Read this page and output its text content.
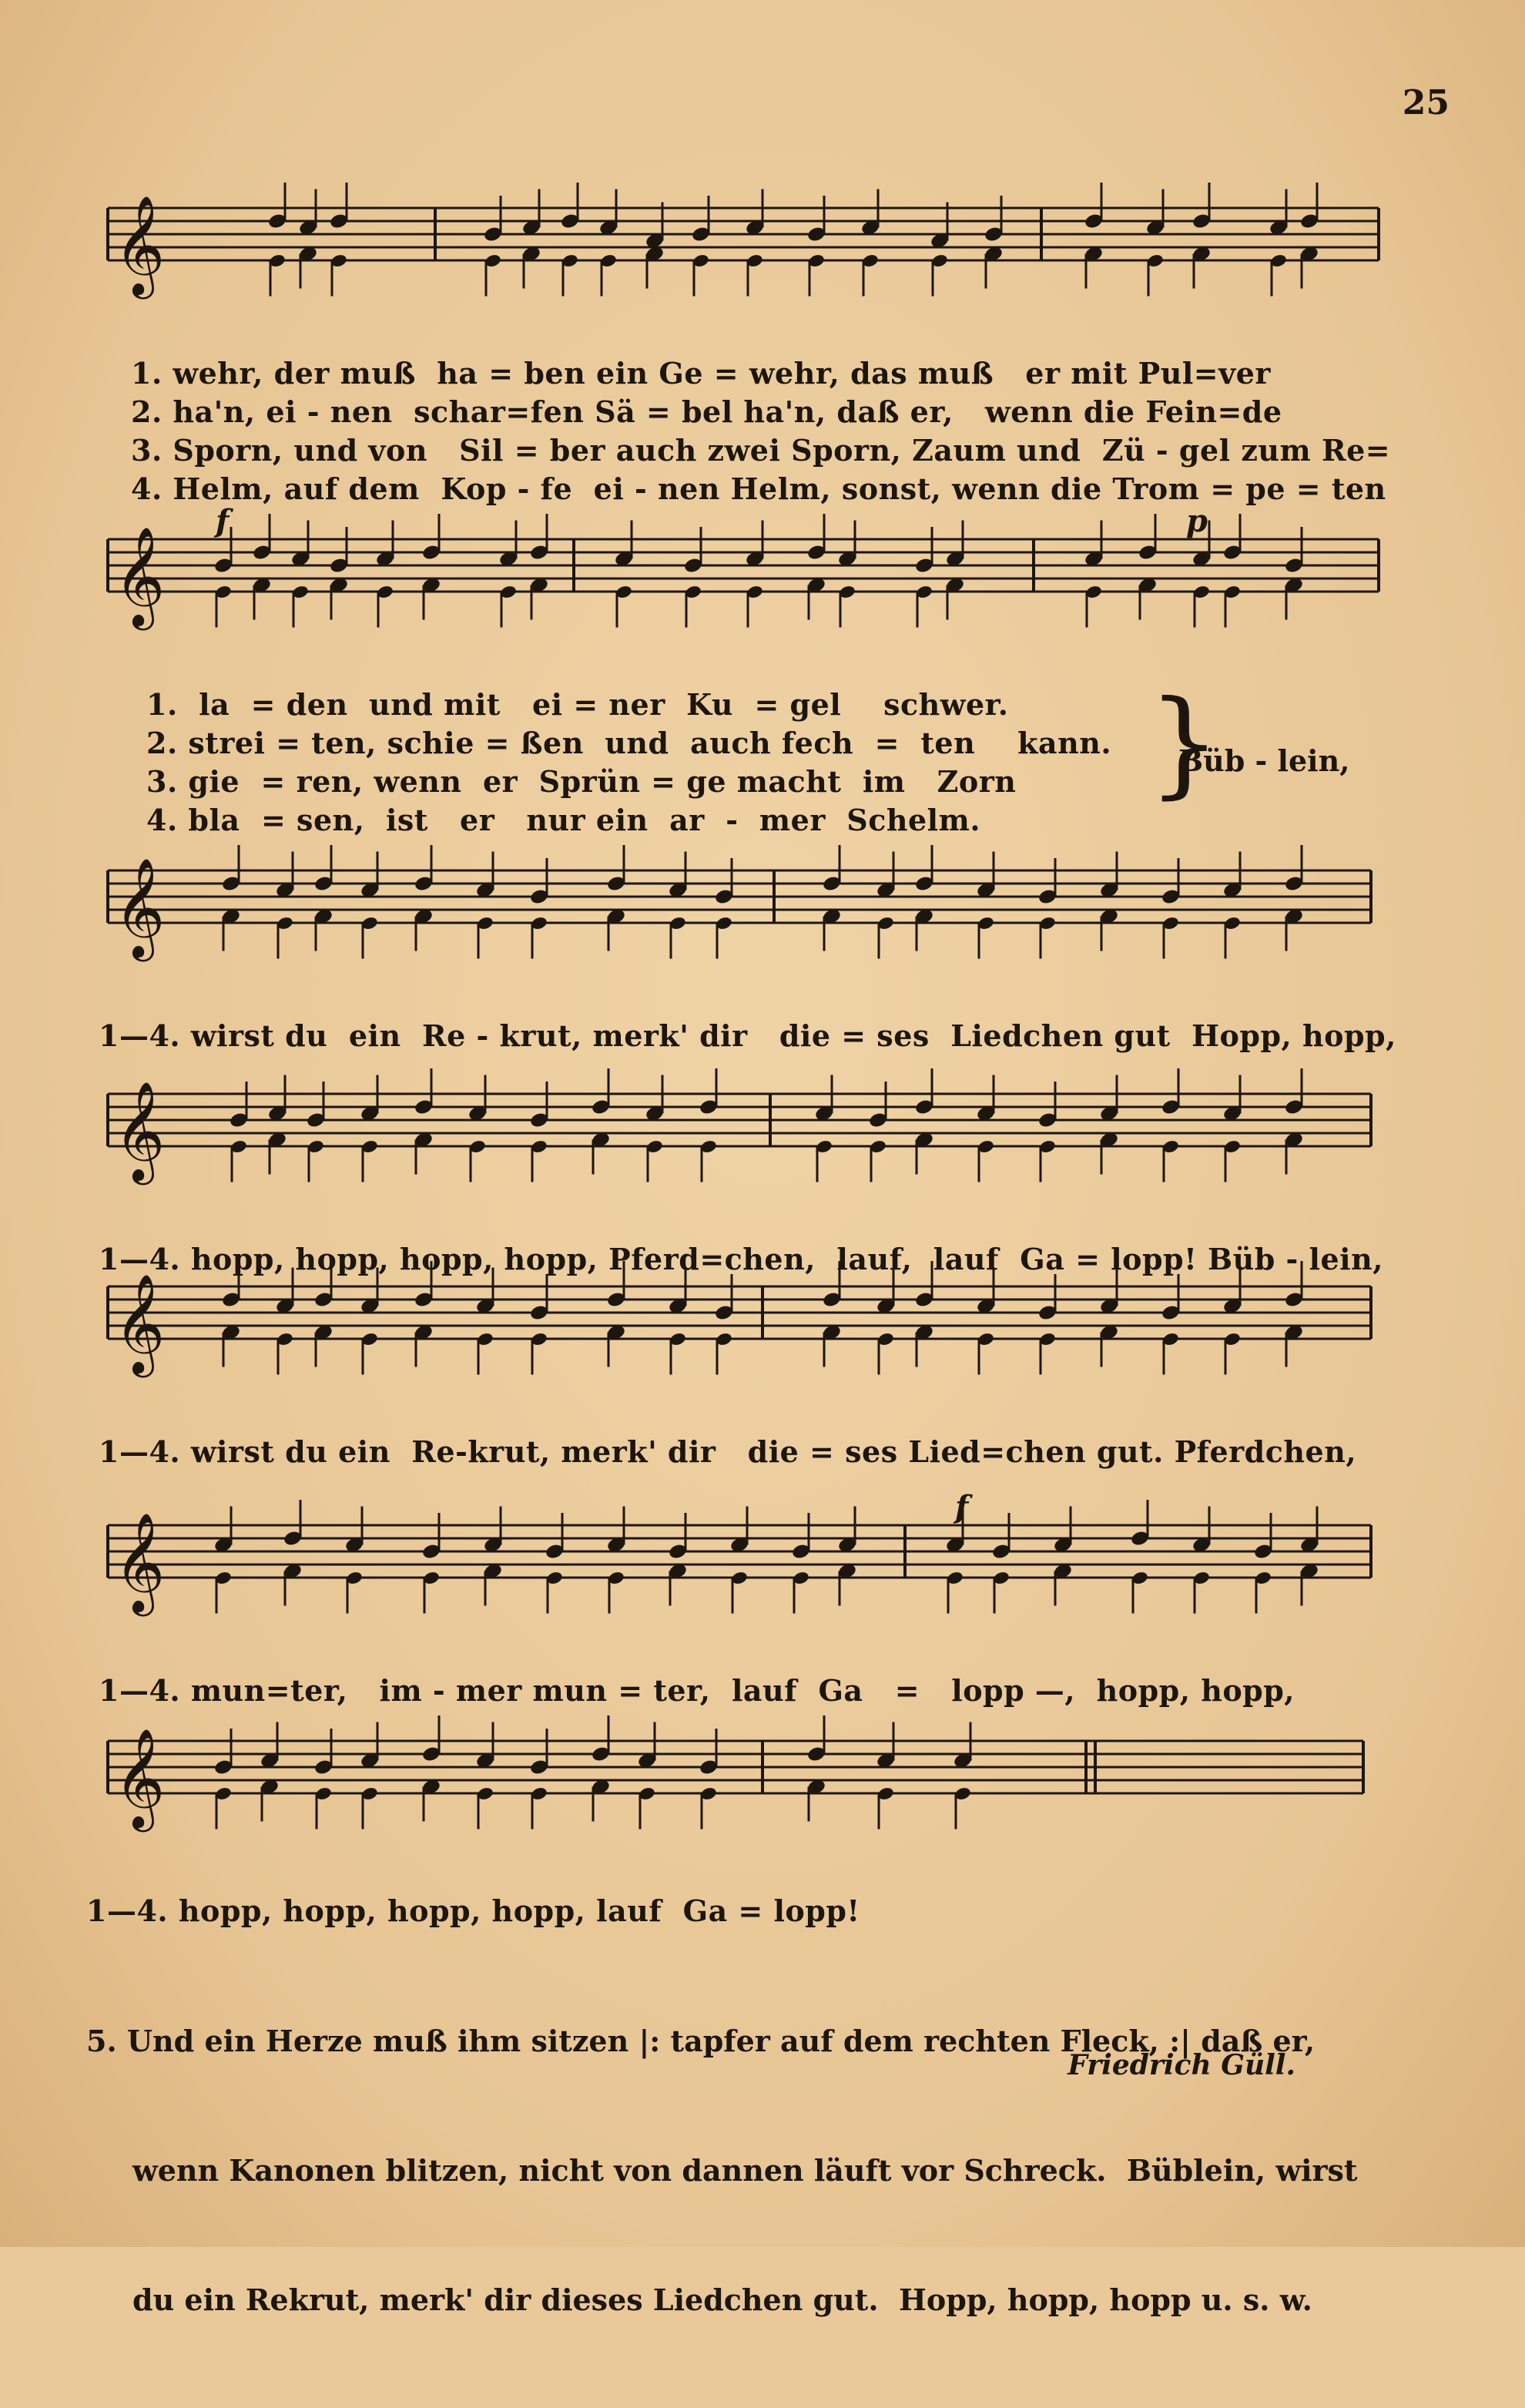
25
𝄞
1. wehr, der muß  ha = ben ein Ge = wehr, das muß   er mit Pul=ver
2. ha'n, ei - nen  schar=fen Sä = bel ha'n, daß er,   wenn die Fein=de
3. Sporn, und von   Sil = ber auch zwei Sporn, Zaum und  Zü - gel zum Re=
4. Helm, auf dem  Kop - fe  ei - nen Helm, sonst, wenn die Trom = pe = ten
𝄞
f	p
1.  la  = den  und mit   ei = ner  Ku  = gel    schwer.
2. strei = ten, schie = ßen  und  auch fech  =  ten    kann.
3. gie  = ren, wenn  er  Sprün = ge macht  im   Zorn
4. bla  = sen,  ist   er   nur ein  ar  -  mer  Schelm.
}
Büb - lein,
𝄞
1—4. wirst du  ein  Re - krut, merk' dir   die = ses  Liedchen gut  Hopp, hopp,
𝄞
1—4. hopp, hopp, hopp, hopp, Pferd=chen,  lauf,  lauf  Ga = lopp! Büb - lein,
𝄞
1—4. wirst du ein  Re-krut, merk' dir   die = ses Lied=chen gut. Pferdchen,
𝄞
f
1—4. mun=ter,   im - mer mun = ter,  lauf  Ga   =   lopp —,  hopp, hopp,
𝄞
1—4. hopp, hopp, hopp, hopp, lauf  Ga = lopp!

5. Und ein Herze muß ihm sitzen |: tapfer auf dem rechten Fleck, :| daß er,

wenn Kanonen blitzen, nicht von dannen läuft vor Schreck.  Büblein, wirst

du ein Rekrut, merk' dir dieses Liedchen gut.  Hopp, hopp, hopp u. s. w.

Friedrich Güll.
